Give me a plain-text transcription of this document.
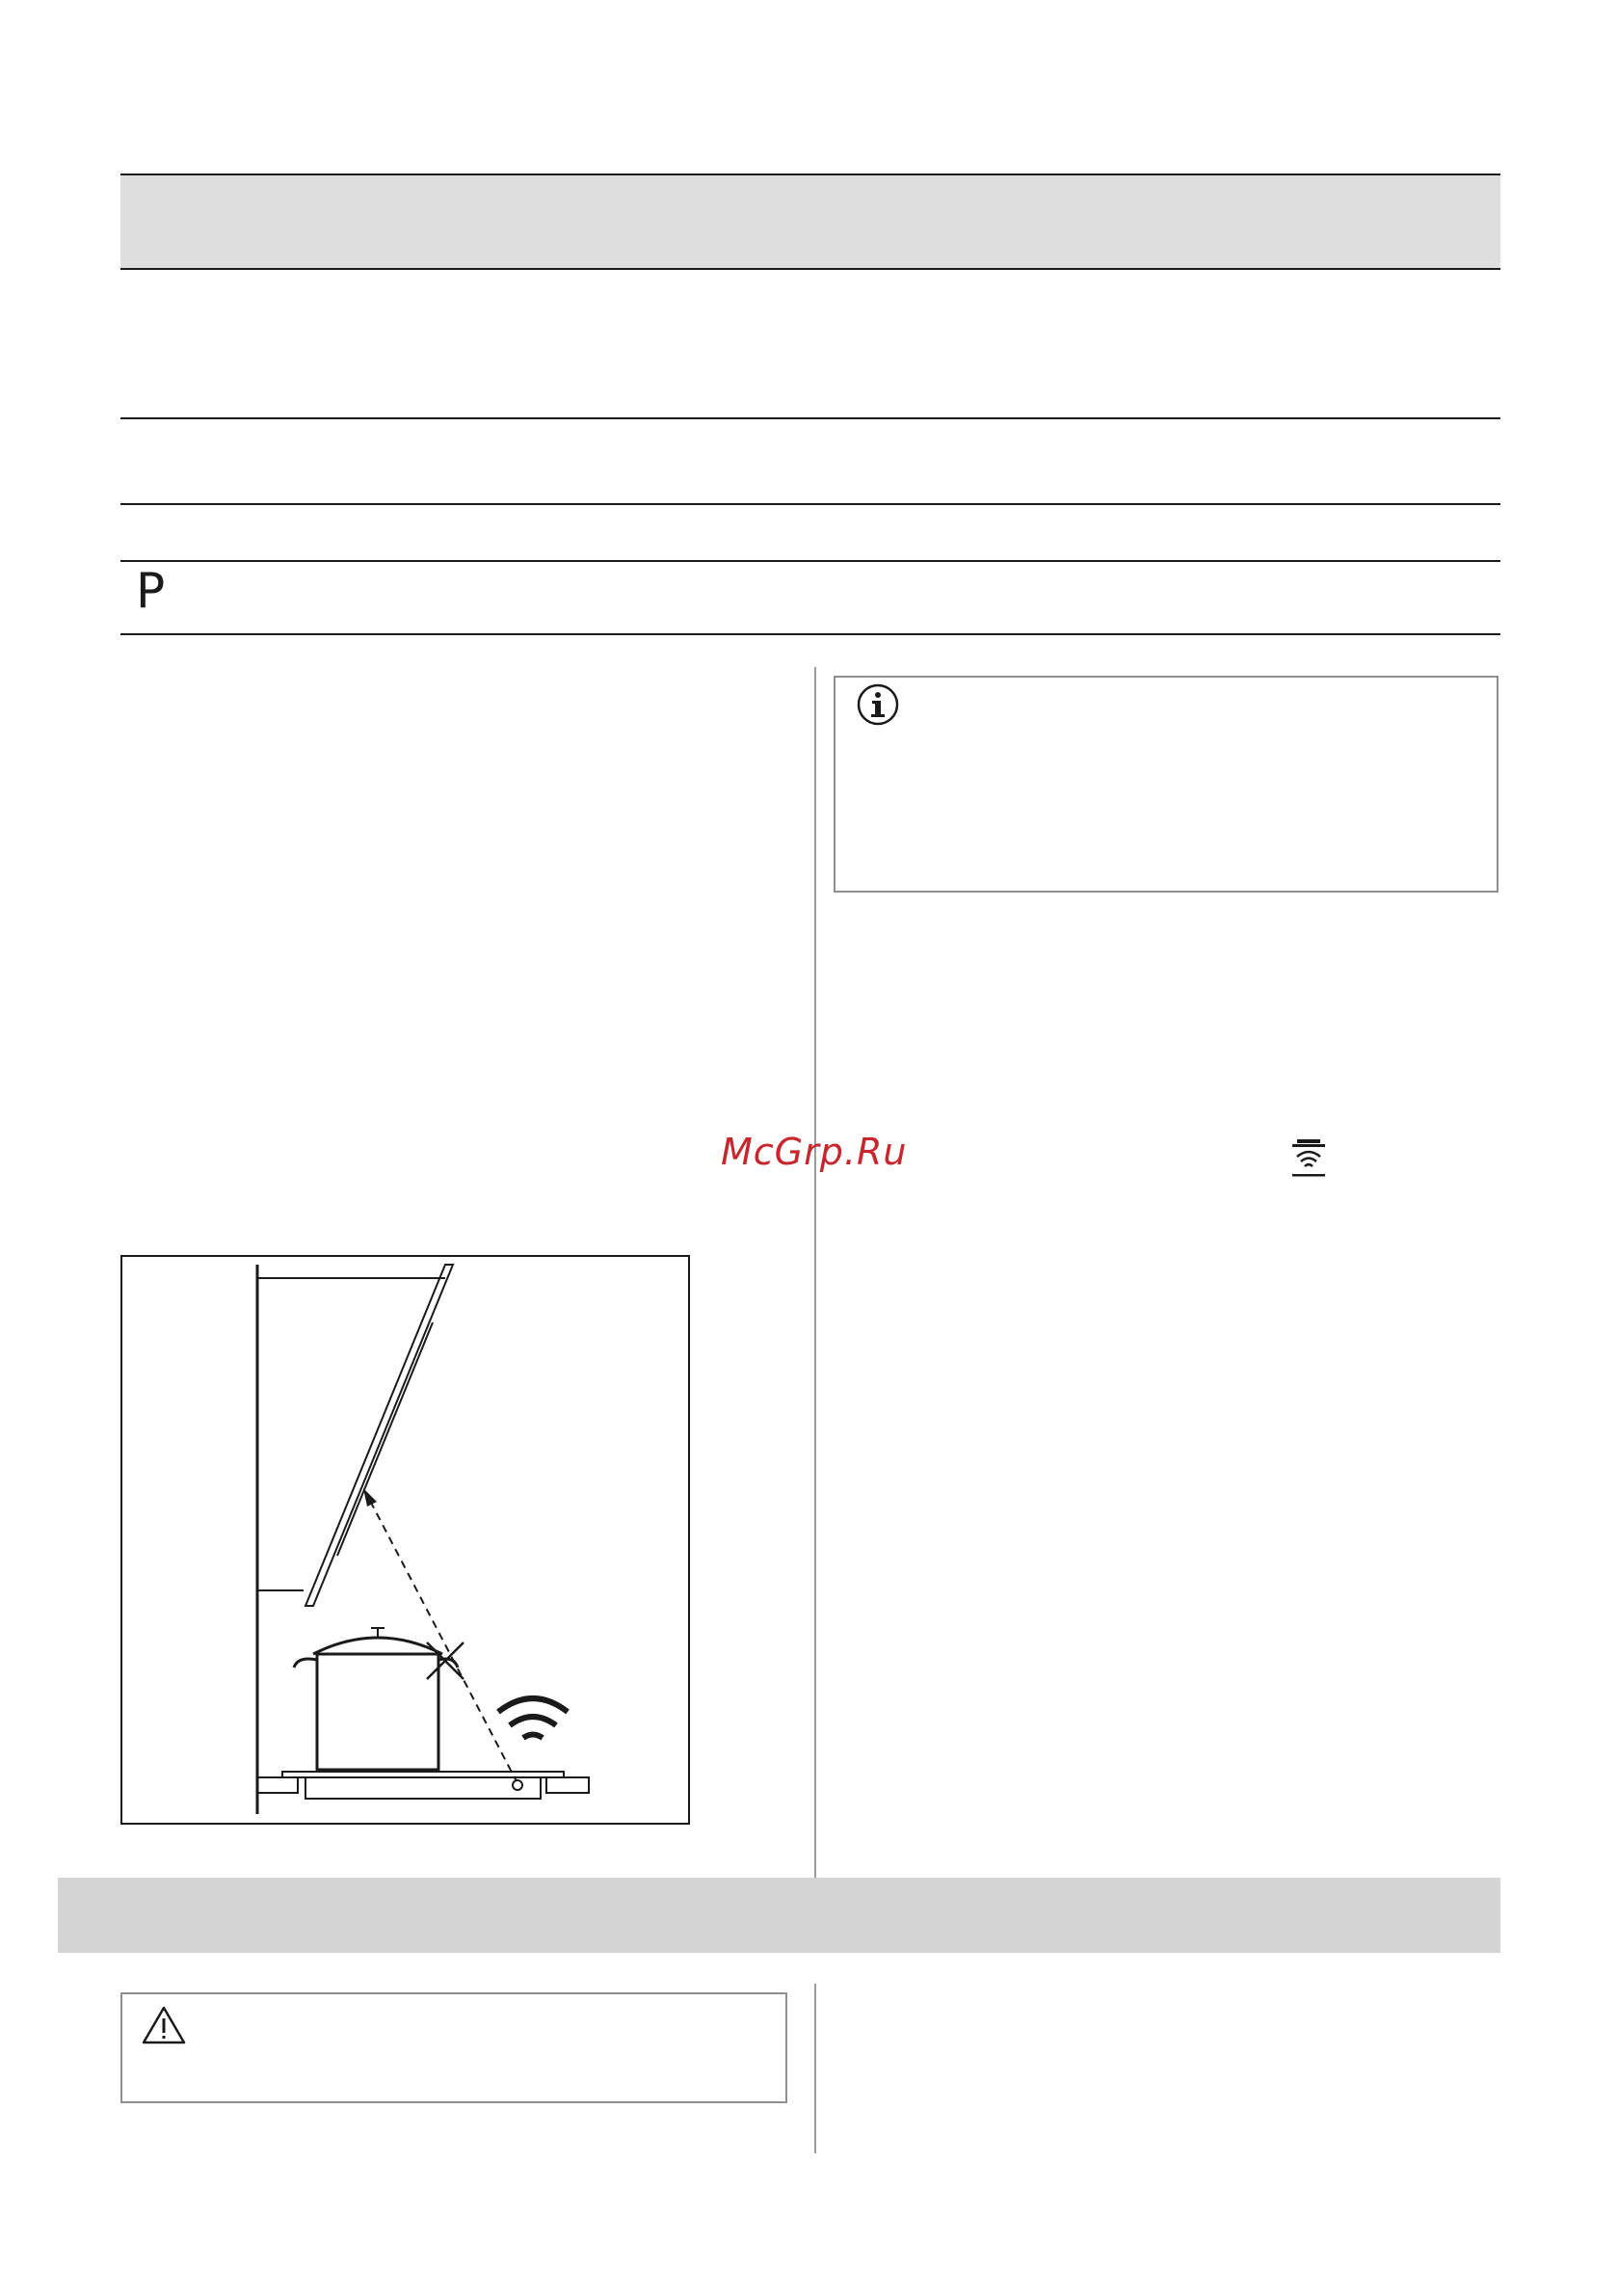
P
McGrp.Ru
